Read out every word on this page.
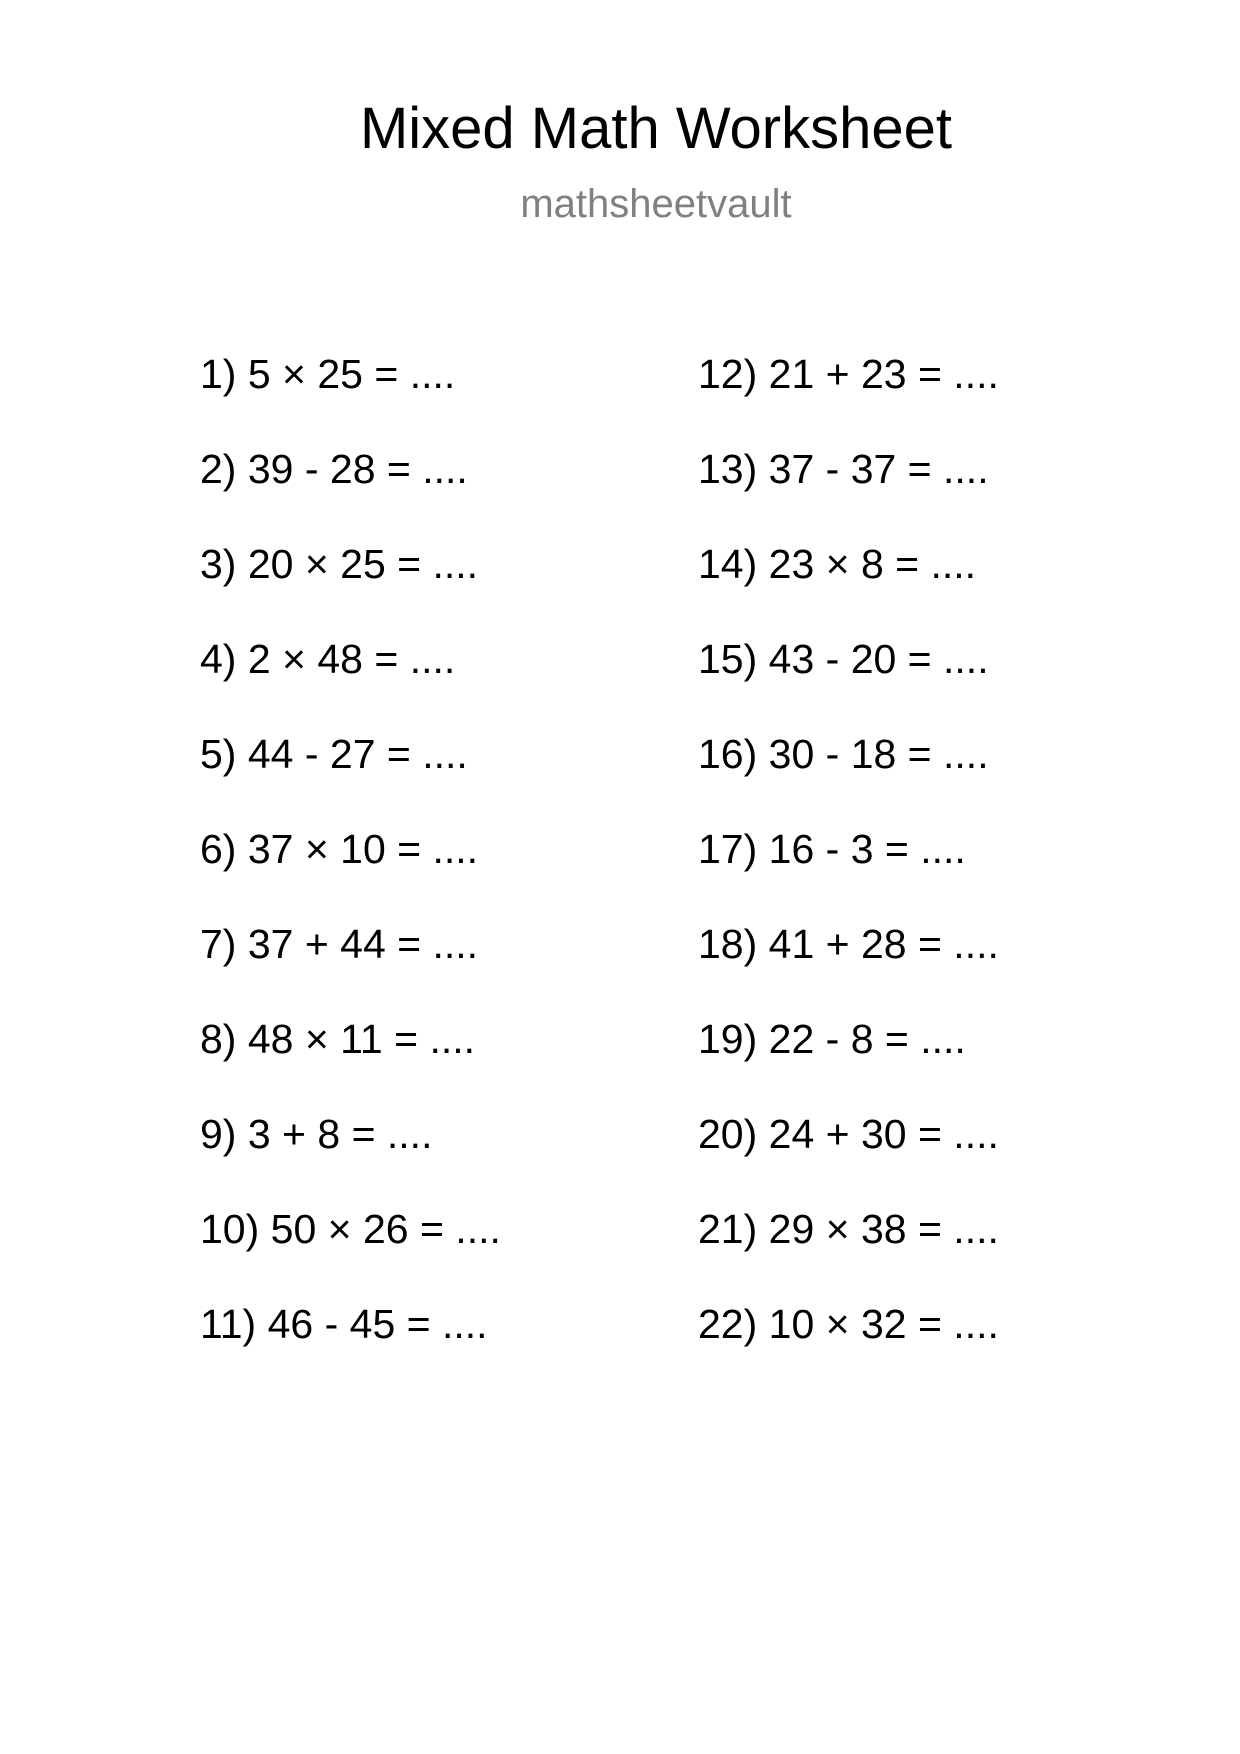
Mixed Math Worksheet
mathsheetvault
1) 5 × 25 = ....
2) 39 - 28 = ....
3) 20 × 25 = ....
4) 2 × 48 = ....
5) 44 - 27 = ....
6) 37 × 10 = ....
7) 37 + 44 = ....
8) 48 × 11 = ....
9) 3 + 8 = ....
10) 50 × 26 = ....
11) 46 - 45 = ....
12) 21 + 23 = ....
13) 37 - 37 = ....
14) 23 × 8 = ....
15) 43 - 20 = ....
16) 30 - 18 = ....
17) 16 - 3 = ....
18) 41 + 28 = ....
19) 22 - 8 = ....
20) 24 + 30 = ....
21) 29 × 38 = ....
22) 10 × 32 = ....
